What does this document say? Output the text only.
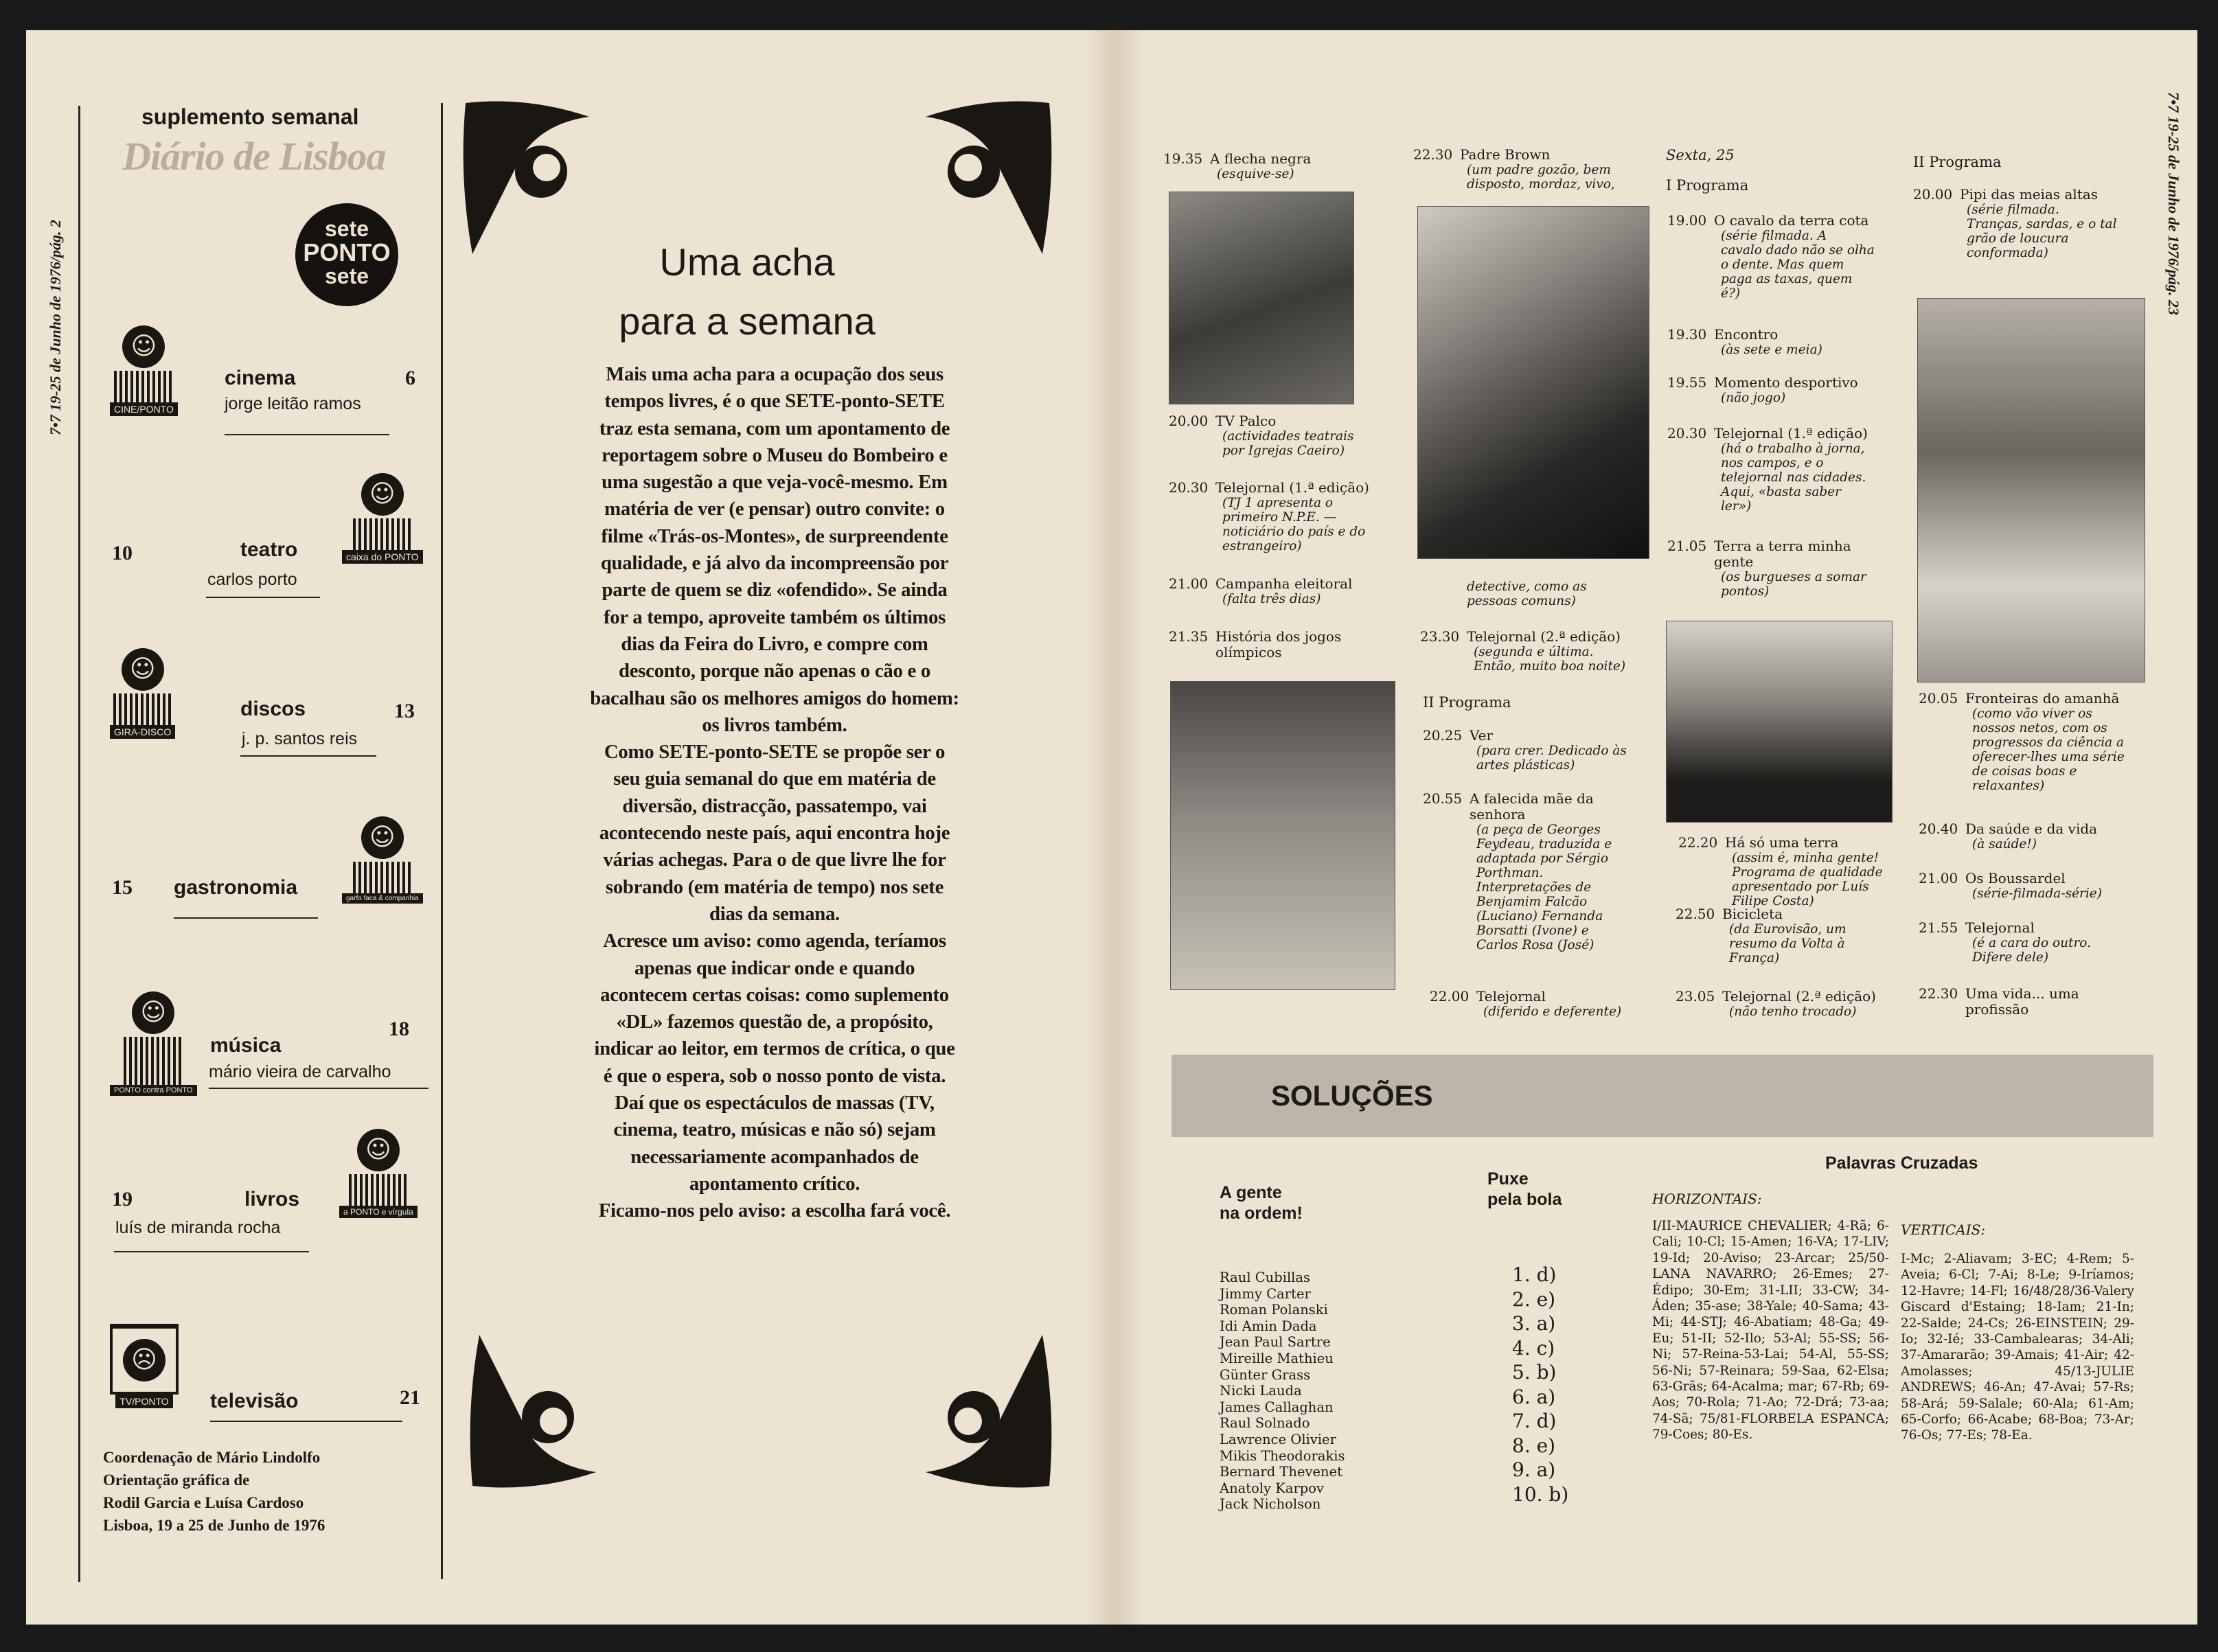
7•7 19-25 de Junho de 1976/pág. 2
suplemento semanal
Diário de Lisboa
sete
PONTO
sete
☺
CINE/PONTO
cinema	6
jorge leitão ramos
10	teatro
carlos porto
☺
caixa do PONTO
☺
GIRA-DISCO
discos	13
j. p. santos reis
15 gastronomia
☺
garfo faca & companhia
☺
PONTO contra PONTO
18
música
mário vieira de carvalho
19	livros
luís de miranda rocha
☺
a PONTO e vírgula
☹
TV/PONTO televisão	21
Coordenação de Mário Lindolfo
Orientação gráfica de
Rodil Garcia e Luísa Cardoso
Lisboa, 19 a 25 de Junho de 1976
Uma acha
para a semana

Mais uma acha para a ocupação dos seus tempos livres, é o que SETE-ponto-SETE traz esta semana, com um apontamento de reportagem sobre o Museu do Bombeiro e uma sugestão a que veja-você-mesmo. Em matéria de ver (e pensar) outro convite: o filme «Trás-os-Montes», de surpreendente qualidade, e já alvo da incompreensão por parte de quem se diz «ofendido». Se ainda for a tempo, aproveite também os últimos dias da Feira do Livro, e compre com desconto, porque não apenas o cão e o bacalhau são os melhores amigos do homem: os livros também.

Como SETE-ponto-SETE se propõe ser o seu guia semanal do que em matéria de diversão, distracção, passatempo, vai acontecendo neste país, aqui encontra hoje várias achegas. Para o de que livre lhe for sobrando (em matéria de tempo) nos sete dias da semana.

Acresce um aviso: como agenda, teríamos apenas que indicar onde e quando acontecem certas coisas: como suplemento «DL» fazemos questão de, a propósito, indicar ao leitor, em termos de crítica, o que é que o espera, sob o nosso ponto de vista. Daí que os espectáculos de massas (TV, cinema, teatro, músicas e não só) sejam necessariamente acompanhados de apontamento crítico.

Ficamo-nos pelo aviso: a escolha fará você.

7•7 19-25 de Junho de 1976/pág. 23
19.35 A flecha negra
(esquive-se)
20.00 TV Palco
(actividades teatrais
por Igrejas Caeiro)
20.30 Telejornal (1.ª edição)
(TJ 1 apresenta o
primeiro N.P.E. —
noticiário do país e do
estrangeiro)
21.00 Campanha eleitoral
(falta três dias)
21.35 História dos jogos
olímpicos
22.30 Padre Brown
(um padre gozão, bem
disposto, mordaz, vivo,
detective, como as
pessoas comuns)
23.30 Telejornal (2.ª edição)
(segunda e última.
Então, muito boa noite)
II Programa
20.25 Ver
(para crer. Dedicado às
artes plásticas)
20.55 A falecida mãe da
senhora
(a peça de Georges
Feydeau, traduzida e
adaptada por Sérgio
Porthman.
Interpretações de
Benjamim Falcão
(Luciano) Fernanda
Borsatti (Ivone) e
Carlos Rosa (José)
22.00 Telejornal
(diferido e deferente)
Sexta, 25
I Programa
19.00 O cavalo da terra cota
(série filmada. A
cavalo dado não se olha
o dente. Mas quem
paga as taxas, quem
é?)
19.30 Encontro
(às sete e meia)
19.55 Momento desportivo
(não jogo)
20.30 Telejornal (1.ª edição)
(há o trabalho à jorna,
nos campos, e o
telejornal nas cidades.
Aqui, «basta saber
ler»)
21.05 Terra a terra minha
gente
(os burgueses a somar
pontos)
22.20 Há só uma terra
(assim é, minha gente!
Programa de qualidade
apresentado por Luís
Filipe Costa)
22.50 Bicicleta
(da Eurovisão, um
resumo da Volta à
França)
23.05 Telejornal (2.ª edição)
(não tenho trocado)
II Programa
20.00 Pipi das meias altas
(série filmada.
Tranças, sardas, e o tal
grão de loucura
conformada)
20.05 Fronteiras do amanhã
(como vão viver os
nossos netos, com os
progressos da ciência a
oferecer-lhes uma série
de coisas boas e
relaxantes)
20.40 Da saúde e da vida
(à saúde!)
21.00 Os Boussardel
(série-filmada-série)
21.55 Telejornal
(é a cara do outro.
Difere dele)
22.30 Uma vida... uma
profissão
SOLUÇÕES
A gente
na ordem!
Raul Cubillas
Jimmy Carter
Roman Polanski
Idi Amin Dada
Jean Paul Sartre
Mireille Mathieu
Günter Grass
Nicki Lauda
James Callaghan
Raul Solnado
Lawrence Olivier
Mikis Theodorakis
Bernard Thevenet
Anatoly Karpov
Jack Nicholson
Puxe
pela bola
1. d)
2. e)
3. a)
4. c)
5. b)
6. a)
7. d)
8. e)
9. a)
10. b)
Palavras Cruzadas
HORIZONTAIS:
I/II-MAURICE CHEVALIER; 4-Rã; 6-Cali; 10-Cl; 15-Amen; 16-VA; 17-LIV; 19-Id; 20-Aviso; 23-Arcar; 25/50-LANA NAVARRO; 26-Emes; 27-Édipo; 30-Em; 31-LII; 33-CW; 34-Áden; 35-ase; 38-Yale; 40-Sama; 43-Mi; 44-STJ; 46-Abatiam; 48-Ga; 49-Eu; 51-II; 52-Ilo; 53-Al; 55-SS; 56-Ni; 57-Reina-53-Lai; 54-Al, 55-SS; 56-Ni; 57-Reinara; 59-Saa, 62-Elsa; 63-Grãs; 64-Acalma; mar; 67-Rb; 69-Aos; 70-Rola; 71-Ao; 72-Drá; 73-aa; 74-Sã; 75/81-FLORBELA ESPANCA; 79-Coes; 80-Es.
VERTICAIS:
I-Mc; 2-Aliavam; 3-EC; 4-Rem; 5-Aveia; 6-Cl; 7-Ai; 8-Le; 9-Iríamos; 12-Havre; 14-Fl; 16/48/28/36-Valery Giscard d'Estaing; 18-Iam; 21-In; 22-Salde; 24-Cs; 26-EINSTEIN; 29-Io; 32-Ié; 33-Cambalearas; 34-Ali; 37-Amararão; 39-Amais; 41-Air; 42-Amolasses; 45/13-JULIE ANDREWS; 46-An; 47-Avai; 57-Rs; 58-Ará; 59-Salale; 60-Ala; 61-Am; 65-Corfo; 66-Acabe; 68-Boa; 73-Ar; 76-Os; 77-Es; 78-Ea.
